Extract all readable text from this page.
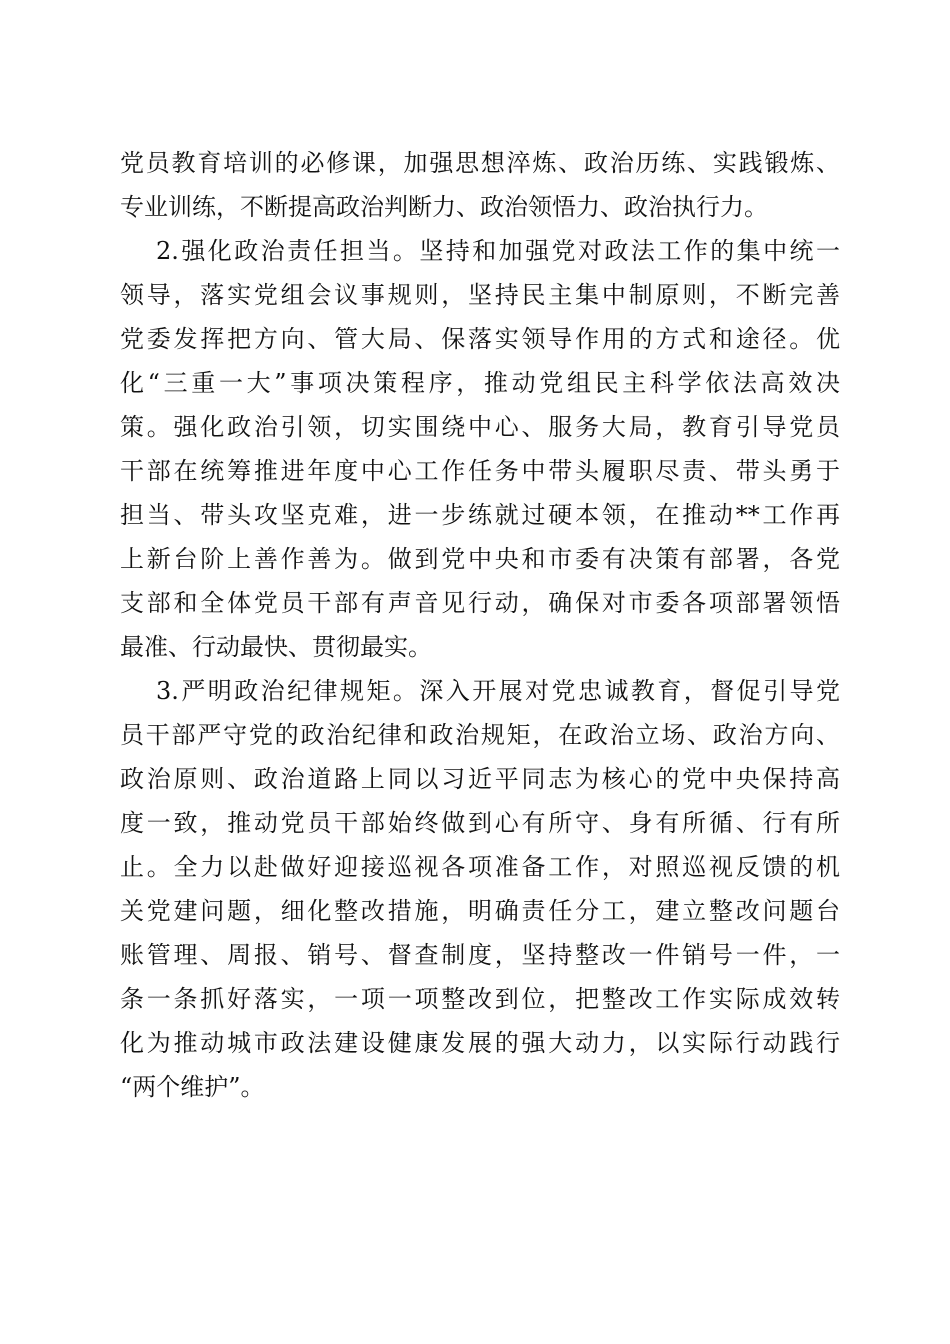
党员教育培训的必修课，加强思想淬炼、政治历练、实践锻炼、
专业训练，不断提高政治判断力、政治领悟力、政治执行力。
2.强化政治责任担当。坚持和加强党对政法工作的集中统一
领导，落实党组会议事规则，坚持民主集中制原则，不断完善
党委发挥把方向、管大局、保落实领导作用的方式和途径。优
化“三重一大”事项决策程序，推动党组民主科学依法高效决
策。强化政治引领，切实围绕中心、服务大局，教育引导党员
干部在统筹推进年度中心工作任务中带头履职尽责、带头勇于
担当、带头攻坚克难，进一步练就过硬本领，在推动**工作再
上新台阶上善作善为。做到党中央和市委有决策有部署，各党
支部和全体党员干部有声音见行动，确保对市委各项部署领悟
最准、行动最快、贯彻最实。
3.严明政治纪律规矩。深入开展对党忠诚教育，督促引导党
员干部严守党的政治纪律和政治规矩，在政治立场、政治方向、
政治原则、政治道路上同以习近平同志为核心的党中央保持高
度一致，推动党员干部始终做到心有所守、身有所循、行有所
止。全力以赴做好迎接巡视各项准备工作，对照巡视反馈的机
关党建问题，细化整改措施，明确责任分工，建立整改问题台
账管理、周报、销号、督查制度，坚持整改一件销号一件，一
条一条抓好落实，一项一项整改到位，把整改工作实际成效转
化为推动城市政法建设健康发展的强大动力，以实际行动践行
“两个维护”。
